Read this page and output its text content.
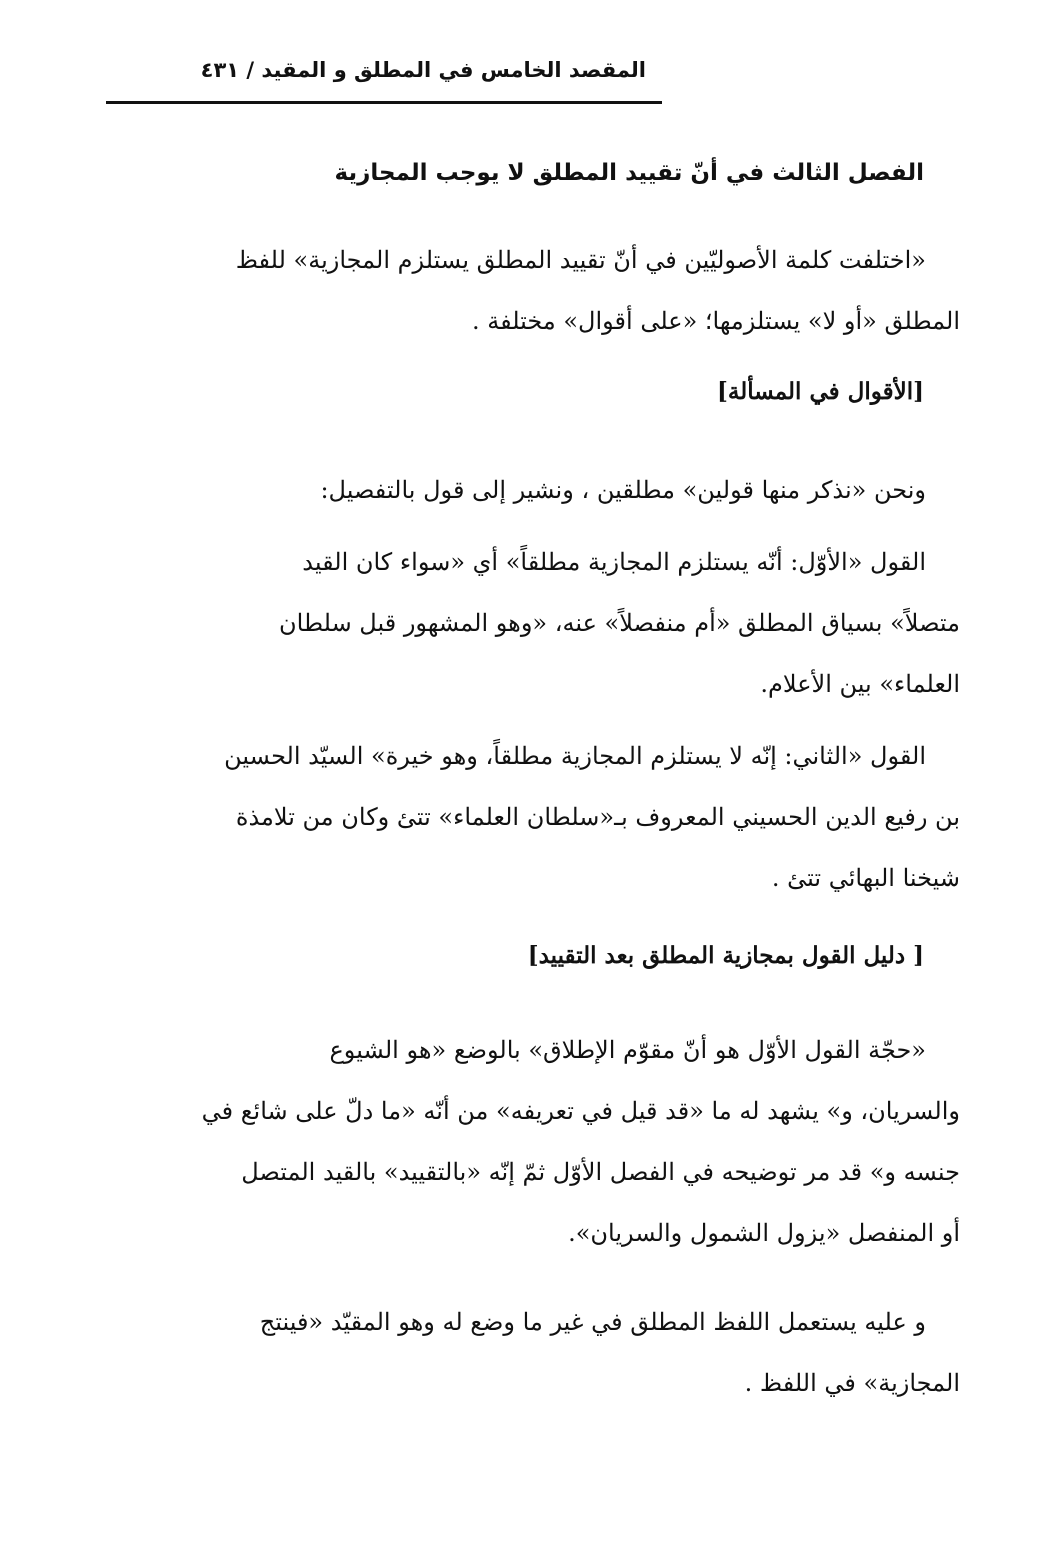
المقصد الخامس في المطلق و المقيد / ٤٣١
الفصل الثالث في أنّ تقييد المطلق لا يوجب المجازية
«اختلفت كلمة الأصوليّين في أنّ تقييد المطلق يستلزم المجازية» للفظ
المطلق «أو لا» يستلزمها؛ «على أقوال» مختلفة .
[الأقوال في المسألة]
ونحن «نذكر منها قولين» مطلقين ، ونشير إلى قول بالتفصيل:
القول «الأوّل: أنّه يستلزم المجازية مطلقاً» أي «سواء كان القيد
متصلاً» بسياق المطلق «أم منفصلاً» عنه، «وهو المشهور قبل سلطان
العلماء» بين الأعلام.
القول «الثاني: إنّه لا يستلزم المجازية مطلقاً، وهو خيرة» السيّد الحسين
بن رفيع الدين الحسيني المعروف بـ«سلطان العلماء» تتئ وكان من تلامذة
شيخنا البهائي تتئ .
[ دليل القول بمجازية المطلق بعد التقييد]
«حجّة القول الأوّل هو أنّ مقوّم الإطلاق» بالوضع «هو الشيوع
والسريان، و» يشهد له ما «قد قيل في تعريفه» من أنّه «ما دلّ على شائع في
جنسه و» قد مر توضيحه في الفصل الأوّل ثمّ إنّه «بالتقييد» بالقيد المتصل
أو المنفصل «يزول الشمول والسريان».
و عليه يستعمل اللفظ المطلق في غير ما وضع له وهو المقيّد «فينتج
المجازية» في اللفظ .
